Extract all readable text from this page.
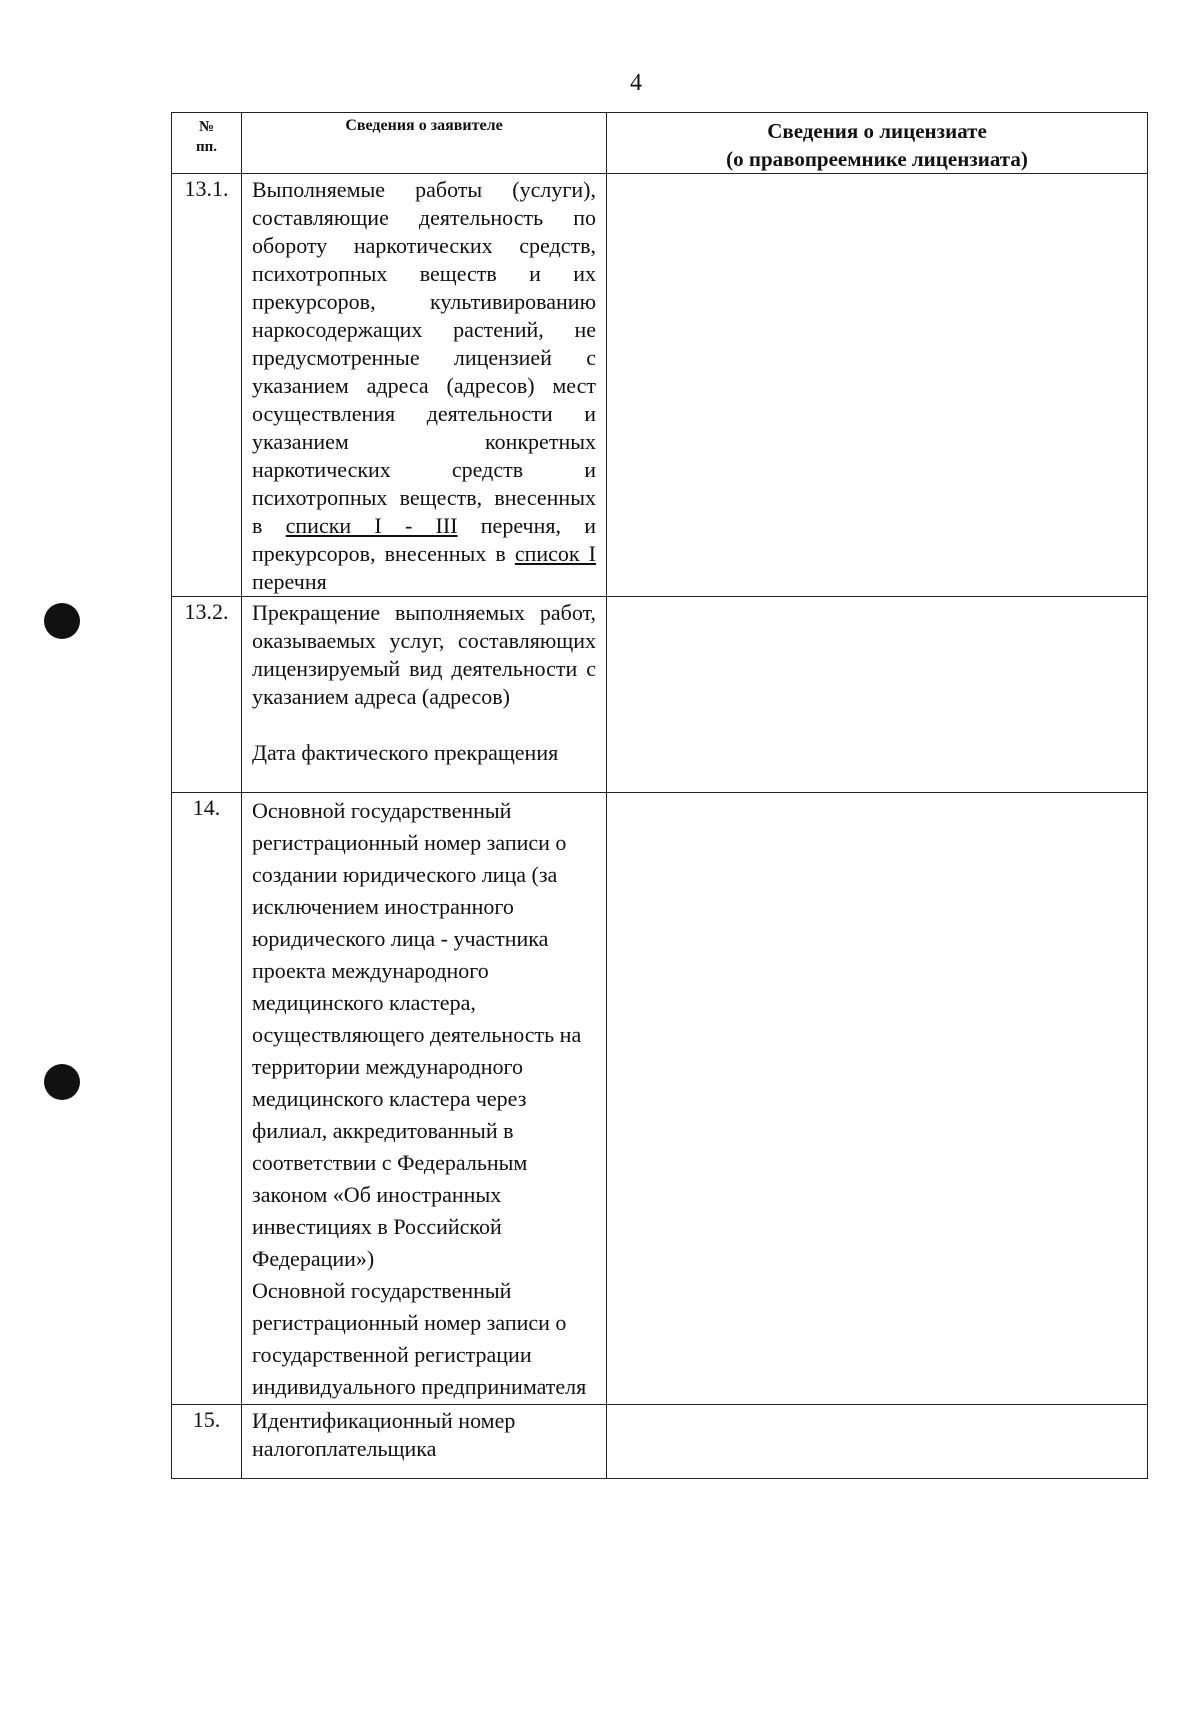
4
№
пп.	Сведения о заявителе	Сведения о лицензиате
(о правопреемнике лицензиата)

13.1.	Выполняемые работы (услуги), составляющие деятельность по обороту наркотических средств, психотропных веществ и их прекурсоров, культивированию наркосодержащих растений, не предусмотренные лицензией с указанием адреса (адресов) мест осуществления деятельности и указанием конкретных наркотических средств и психотропных веществ, внесенных в списки I - III перечня, и прекурсоров, внесенных в список I перечня	
13.2.	Прекращение выполняемых работ, оказываемых услуг, составляющих лицензируемый вид деятельности с указанием адреса (адресов)
Дата фактического прекращения	
14.	Основной государственный регистрационный номер записи о создании юридического лица (за исключением иностранного юридического лица - участника проекта международного медицинского кластера, осуществляющего деятельность на территории международного медицинского кластера через филиал, аккредитованный в соответствии с Федеральным законом «Об иностранных инвестициях в Российской Федерации»)
Основной государственный регистрационный номер записи о государственной регистрации индивидуального предпринимателя	

15.	Идентификационный номер налогоплательщика	
